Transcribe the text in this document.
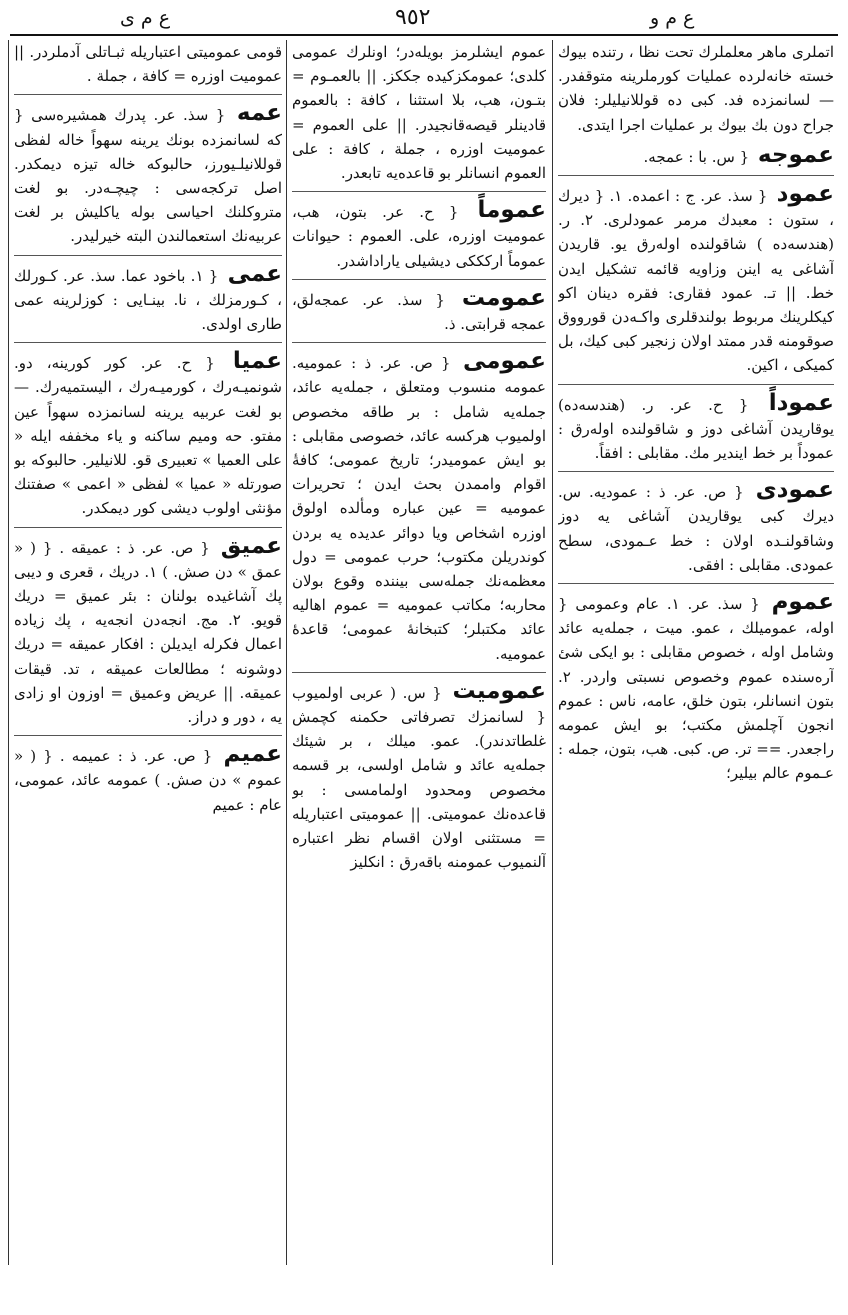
ع م ى	٩٥٢	ع م و
اتملرى ماهر معلملرك تحت نظا ، رتنده بيوك خسته خانه‌لرده عمليات كورملرينه متوقفدر. — لسانمزده فد. كبى ده قوللانيليلر: فلان جراح دون بك بيوك بر عمليات اجرا ايتدى.
عموجه { س. با : عمجه.
عمود { سذ. عر. ج : اعمده. ١. { ديرك ، ستون : معبدك مرمر عمودلرى. ٢. ر. (هندسه‌ده ) شاقولنده اولەرق يو. قاريدن آشاغى يه اينن وزاويه قائمه تشكيل ايدن خط. || تـ. عمود فقارى: فقره دينان اكو كيكلرينك مربوط بولندقلرى واكـەدن قورووق صوقومنه قدر ممتد اولان زنجير كبى كيك، بل كميكى ، اكين.
عموداً { ح. عر. ر. (هندسه‌ده) يوقاريدن آشاغى دوز و شاقولنده اولەرق : عموداً بر خط ايندير مك. مقابلى : افقاً.
عمودى { ص. عر. ذ : عموديه. س. ديرك كبى يوقاريدن آشاغى يه دوز وشاقولنـده اولان : خط عـمودى، سطح عمودى. مقابلى : افقى.
عموم { سذ. عر. ١. عام وعمومى { اوله، عموميلك ، عمو. ميت ، جملەيه عائد وشامل اوله ، خصوص مقابلى : بو ايكى شئ آره‌سنده عموم وخصوص نسبتى واردر. ٢. بتون انسانلر، بتون خلق، عامه، ناس : عموم انجون آچلمش مكتب؛ بو ايش عمومه راجعدر. == تر. ص. كبى. هب، بتون، جمله : عـموم عالم بيلير؛
عموم ايشلرمز بويلەدر؛ اونلرك عمومى كلدى؛ عمومكزكيده جككز. || بالعمـوم = بتـون، هب، بلا استثنا ، كافة : بالعموم قادينلر قيصه‌قانجيدر. || على العموم = عموميت اوزره ، جملة ، كافة : على العموم انسانلر بو قاعده‌يه تابعدر.
عموماً { ح. عر. بتون، هب، عموميت اوزره، على. العموم : حيوانات عموماً اركككى ديشيلى ياراداشدر.
عمومت { سذ. عر. عمجه‌لق، عمجه قرابتى. ذ.
عمومى { ص. عر. ذ : عموميه. عمومه منسوب ومتعلق ، جملەيه عائد، جملەيه شامل : بر طاقه مخصوص اولميوب هركسه عائد، خصوصى مقابلى : بو ايش عموميدر؛ تاريخ عمومى؛ كافةٔ اقوام واممدن بحث ايدن ؛ تحريرات عموميه = عين عباره ومألده اولوق اوزره اشخاص ويا دوائر عديده يه بردن كوندريلن مكتوب؛ حرب عمومى = دول معظمه‌نك جملەسى بيننده وقوع بولان محاربه؛ مكاتب عموميه = عموم اهاليه عائد مكتبلر؛ كتبخانهٔ عمومى؛ قاعدهٔ عموميه.
عموميت { س. ( عربى اولميوب { لسانمزك تصرفاتى حكمنه كچمش غلطاتدندر). عمو. ميلك ، بر شيئك جملەيه عائد و شامل اولسى، بر قسمه مخصوص ومحدود اولمامسى : بو قاعده‌نك عموميتى. || عموميتى اعتباريله = مستثنى اولان اقسام نظر اعتباره آلنميوب عمومنه باقەرق : انكليز
قومى عموميتى اعتباريله ثبـاتلى آدملردر. || عموميت اوزره = كافة ، جملة .
عمه { سذ. عر. پدرك همشيره‌سى { كه لسانمزده بونك يرينه سهواً خاله لفظى قوللانيلـيورز، حالبوكه خاله تيزه ديمكدر. اصل تركجه‌سى : چيچـەدر. بو لغت متروكلنك احياسى بوله ياكليش بر لغت عربيه‌نك استعمالندن البته خيرليدر.
عمى { ١. باخود عما. سذ. عر. كـورلك ، كـورمزلك ، نا. بينـايى : كوزلرينه عمى طارى اولدى.
عميا { ح. عر. كور كورينه، دو. شونميـەرك ، كورميـەرك ، اليستميەرك. — بو لغت عربيه يرينه لسانمزده سهواً عين مفتو. حه وميم ساكنه و ياء مخففه ايله « على العميا » تعبيرى قو. للانيلير. حالبوكه بو صورتله « عميا » لفظى « اعمى » صفتنك مؤنثى اولوب ديشى كور ديمكدر.
عميق { ص. عر. ذ : عميقه . { ( « عمق » دن صش. ) ١. دريك ، قعرى و ديبى پك آشاغيده بولنان : بئر عميق = دريك قويو. ٢. مج. انجه‌دن انجه‌يه ، پك زياده اعمال فكرله ايديلن : افكار عميقه = دريك دوشونه ؛ مطالعات عميقه ، تد. قيقات عميقه. || عريض وعميق = اوزون او زادى يه ، دور و دراز.
عميم { ص. عر. ذ : عميمه . { ( « عموم » دن صش. ) عمومه عائد، عمومى، عام : عميم
